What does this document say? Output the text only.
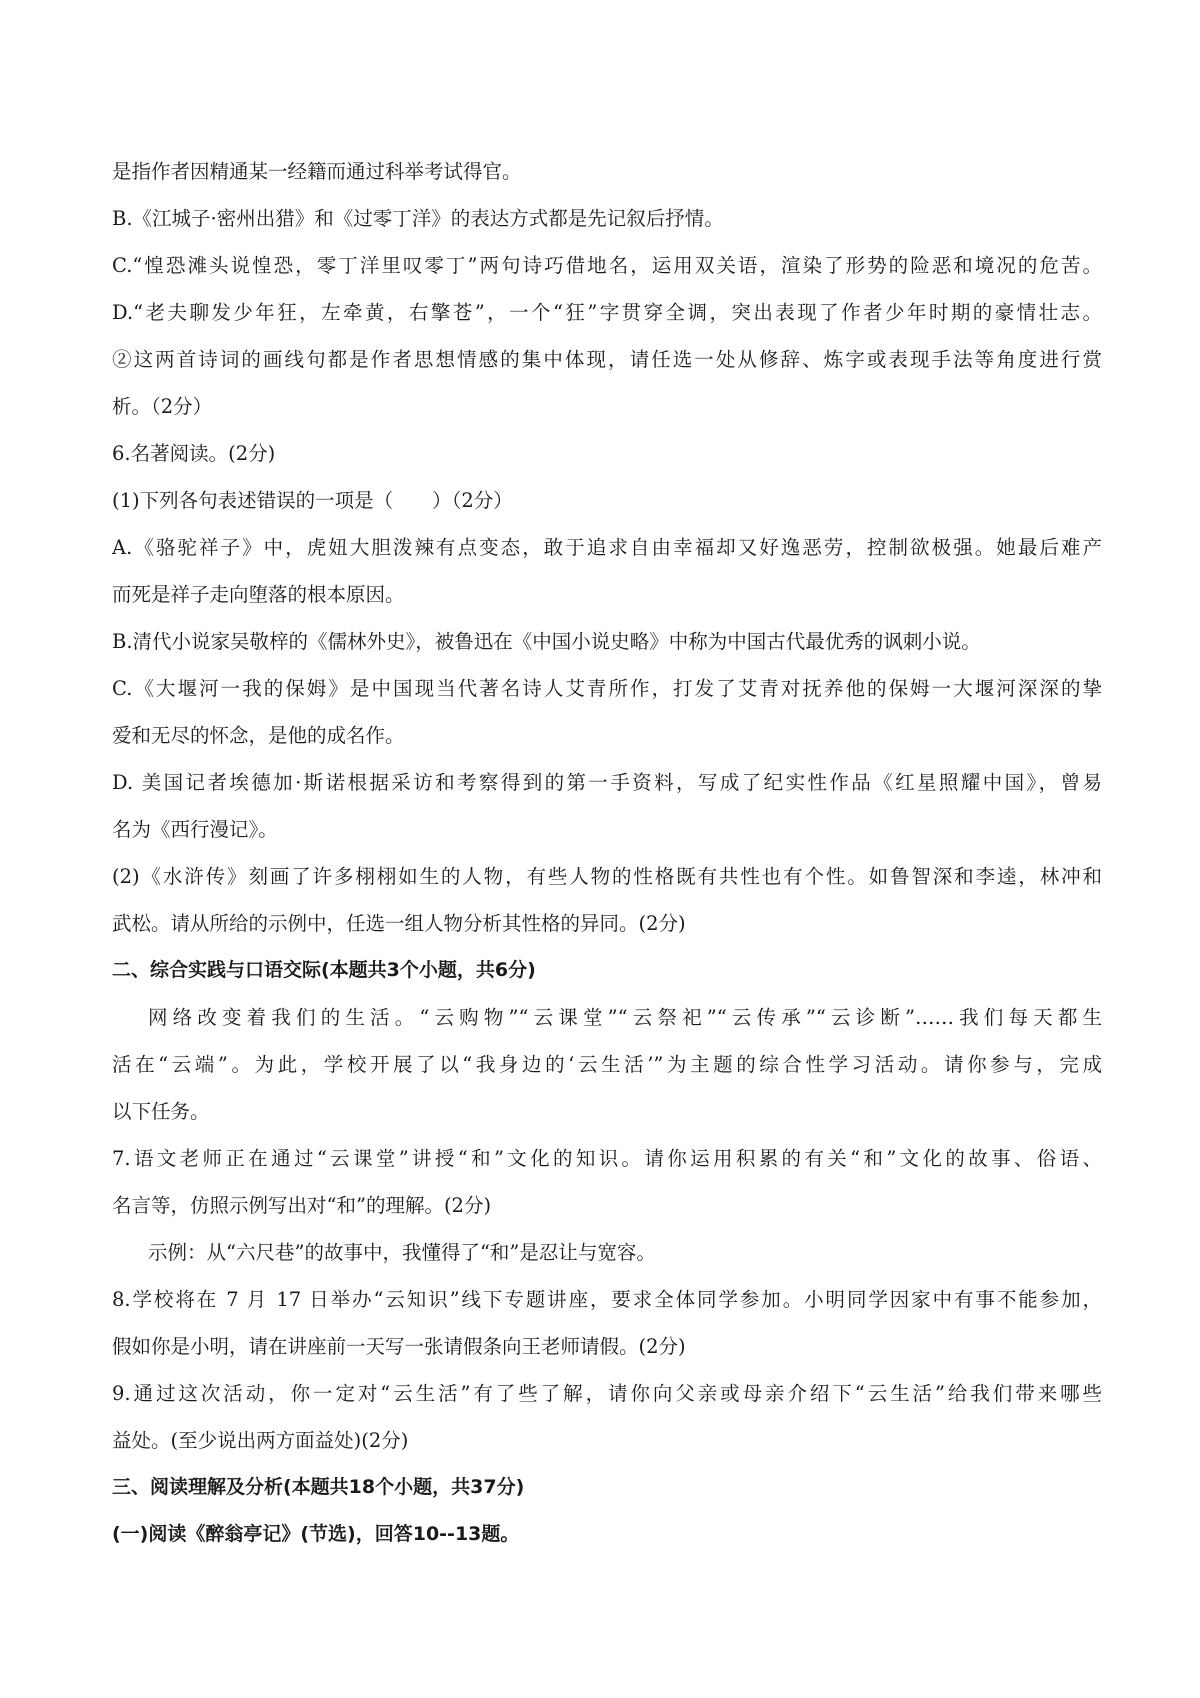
是指作者因精通某一经籍而通过科举考试得官。
B.《江城子·密州出猎》和《过零丁洋》的表达方式都是先记叙后抒情。
C.“惶恐滩头说惶恐，零丁洋里叹零丁”两句诗巧借地名，运用双关语，渲染了形势的险恶和境况的危苦。
D.“老夫聊发少年狂，左牵黄，右擎苍”，一个“狂”字贯穿全调，突出表现了作者少年时期的豪情壮志。
②这两首诗词的画线句都是作者思想情感的集中体现，请任选一处从修辞、炼字或表现手法等角度进行赏
析。（2分）
6.名著阅读。(2分)
(1)下列各句表述错误的一项是（　　）（2分）
A.《骆驼祥子》中，虎妞大胆泼辣有点变态，敢于追求自由幸福却又好逸恶劳，控制欲极强。她最后难产
而死是祥子走向堕落的根本原因。
B.清代小说家吴敬梓的《儒林外史》，被鲁迅在《中国小说史略》中称为中国古代最优秀的讽刺小说。
C.《大堰河一我的保姆》是中国现当代著名诗人艾青所作，打发了艾青对抚养他的保姆一大堰河深深的挚
爱和无尽的怀念，是他的成名作。
D. 美国记者埃德加·斯诺根据采访和考察得到的第一手资料，写成了纪实性作品《红星照耀中国》，曾易
名为《西行漫记》。
(2)《水浒传》刻画了许多栩栩如生的人物，有些人物的性格既有共性也有个性。如鲁智深和李逵，林冲和
武松。请从所给的示例中，任选一组人物分析其性格的异同。(2分)
二、综合实践与口语交际(本题共3个小题，共6分)
网络改变着我们的生活。“云购物”“云课堂”“云祭祀”“云传承”“云诊断”……我们每天都生
活在“云端”。为此，学校开展了以“我身边的‘云生活’”为主题的综合性学习活动。请你参与，完成
以下任务。
7.语文老师正在通过“云课堂”讲授“和”文化的知识。请你运用积累的有关“和”文化的故事、俗语、
名言等，仿照示例写出对“和”的理解。(2分)
示例：从“六尺巷”的故事中，我懂得了“和”是忍让与宽容。
8.学校将在 7 月 17 日举办“云知识”线下专题讲座，要求全体同学参加。小明同学因家中有事不能参加，
假如你是小明，请在讲座前一天写一张请假条向王老师请假。(2分)
9.通过这次活动，你一定对“云生活”有了些了解，请你向父亲或母亲介绍下“云生活”给我们带来哪些
益处。(至少说出两方面益处)(2分)
三、阅读理解及分析(本题共18个小题，共37分)
(一)阅读《醉翁亭记》(节选)，回答10--13题。
